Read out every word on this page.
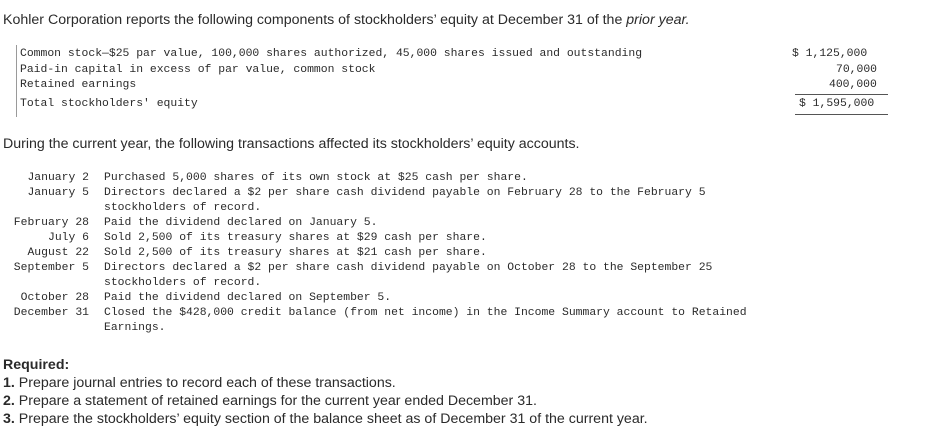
Kohler Corporation reports the following components of stockholders’ equity at December 31 of the prior year.
Common stock—$25 par value, 100,000 shares authorized, 45,000 shares issued and outstanding	$ 1,125,000
Paid-in capital in excess of par value, common stock	70,000
Retained earnings	400,000
Total stockholders' equity	$ 1,595,000
During the current year, the following transactions affected its stockholders’ equity accounts.
January 2 Purchased 5,000 shares of its own stock at $25 cash per share.
January 5 Directors declared a $2 per share cash dividend payable on February 28 to the February 5
stockholders of record.
February 28 Paid the dividend declared on January 5.
July 6 Sold 2,500 of its treasury shares at $29 cash per share.
August 22 Sold 2,500 of its treasury shares at $21 cash per share.
September 5 Directors declared a $2 per share cash dividend payable on October 28 to the September 25
stockholders of record.
October 28 Paid the dividend declared on September 5.
December 31 Closed the $428,000 credit balance (from net income) in the Income Summary account to Retained
Earnings.
Required:
1. Prepare journal entries to record each of these transactions.
2. Prepare a statement of retained earnings for the current year ended December 31.
3. Prepare the stockholders’ equity section of the balance sheet as of December 31 of the current year.
